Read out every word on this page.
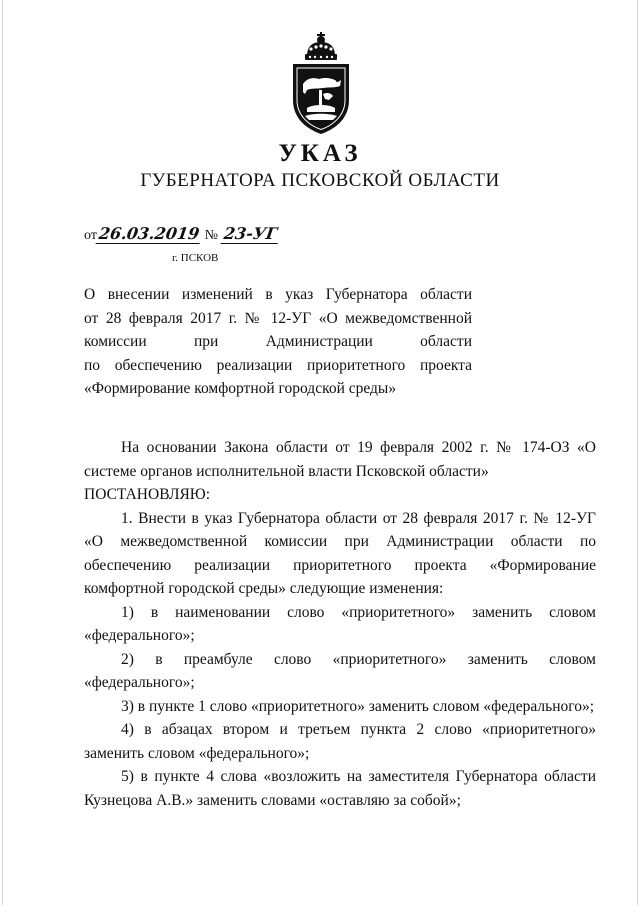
УКАЗ
ГУБЕРНАТОРА ПСКОВСКОЙ ОБЛАСТИ
от26.03.2019 № 23-УГ
г. ПСКОВ
О внесении изменений в указ Губернатора области
от 28 февраля 2017 г. № 12-УГ «О межведомственной
комиссии при Администрации области
по обеспечению реализации приоритетного проекта
«Формирование комфортной городской среды»

На основании Закона области от 19 февраля 2002 г. № 174-ОЗ «О системе органов исполнительной власти Псковской области»

ПОСТАНОВЛЯЮ:

1. Внести в указ Губернатора области от 28 февраля 2017 г. № 12-УГ «О межведомственной комиссии при Администрации области по обеспечению реализации приоритетного проекта «Формирование комфортной городской среды» следующие изменения:

1) в наименовании слово «приоритетного» заменить словом «федерального»;

2) в преамбуле слово «приоритетного» заменить словом «федерального»;

3) в пункте 1 слово «приоритетного» заменить словом «федерального»;

4) в абзацах втором и третьем пункта 2 слово «приоритетного» заменить словом «федерального»;

5) в пункте 4 слова «возложить на заместителя Губернатора области Кузнецова А.В.» заменить словами «оставляю за собой»;
